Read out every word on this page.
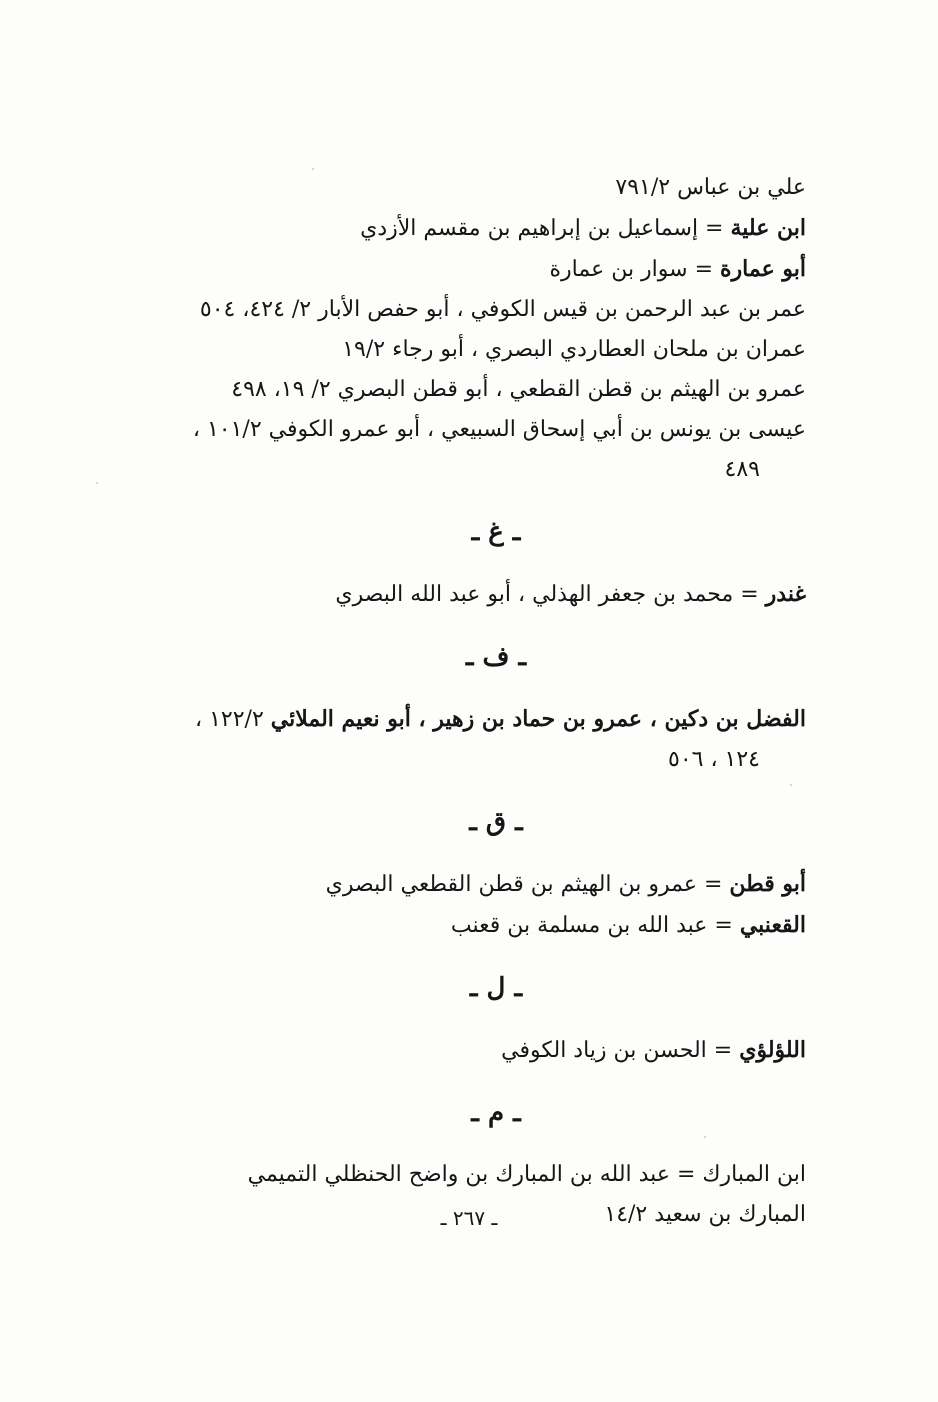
علي بن عباس ٧٩١/٢

ابن علية = إسماعيل بن إبراهيم بن مقسم الأزدي

أبو عمارة = سوار بن عمارة

عمر بن عبد الرحمن بن قيس الكوفي ، أبو حفص الأبار ٢/ ٤٢٤، ٥٠٤

عمران بن ملحان العطاردي البصري ، أبو رجاء ١٩/٢

عمرو بن الهيثم بن قطن القطعي ، أبو قطن البصري ٢/ ١٩، ٤٩٨

عيسى بن يونس بن أبي إسحاق السبيعي ، أبو عمرو الكوفي ١٠١/٢ ،

٤٨٩

ـ غ ـ

غندر = محمد بن جعفر الهذلي ، أبو عبد الله البصري

ـ ف ـ

الفضل بن دكين ، عمرو بن حماد بن زهير ، أبو نعيم الملائي ١٢٢/٢ ،

١٢٤ ، ٥٠٦

ـ ق ـ

أبو قطن = عمرو بن الهيثم بن قطن القطعي البصري

القعنبي = عبد الله بن مسلمة بن قعنب

ـ ل ـ

اللؤلؤي = الحسن بن زياد الكوفي

ـ م ـ

ابن المبارك = عبد الله بن المبارك بن واضح الحنظلي التميمي

المبارك بن سعيد ١٤/٢

ـ ٢٦٧ ـ
